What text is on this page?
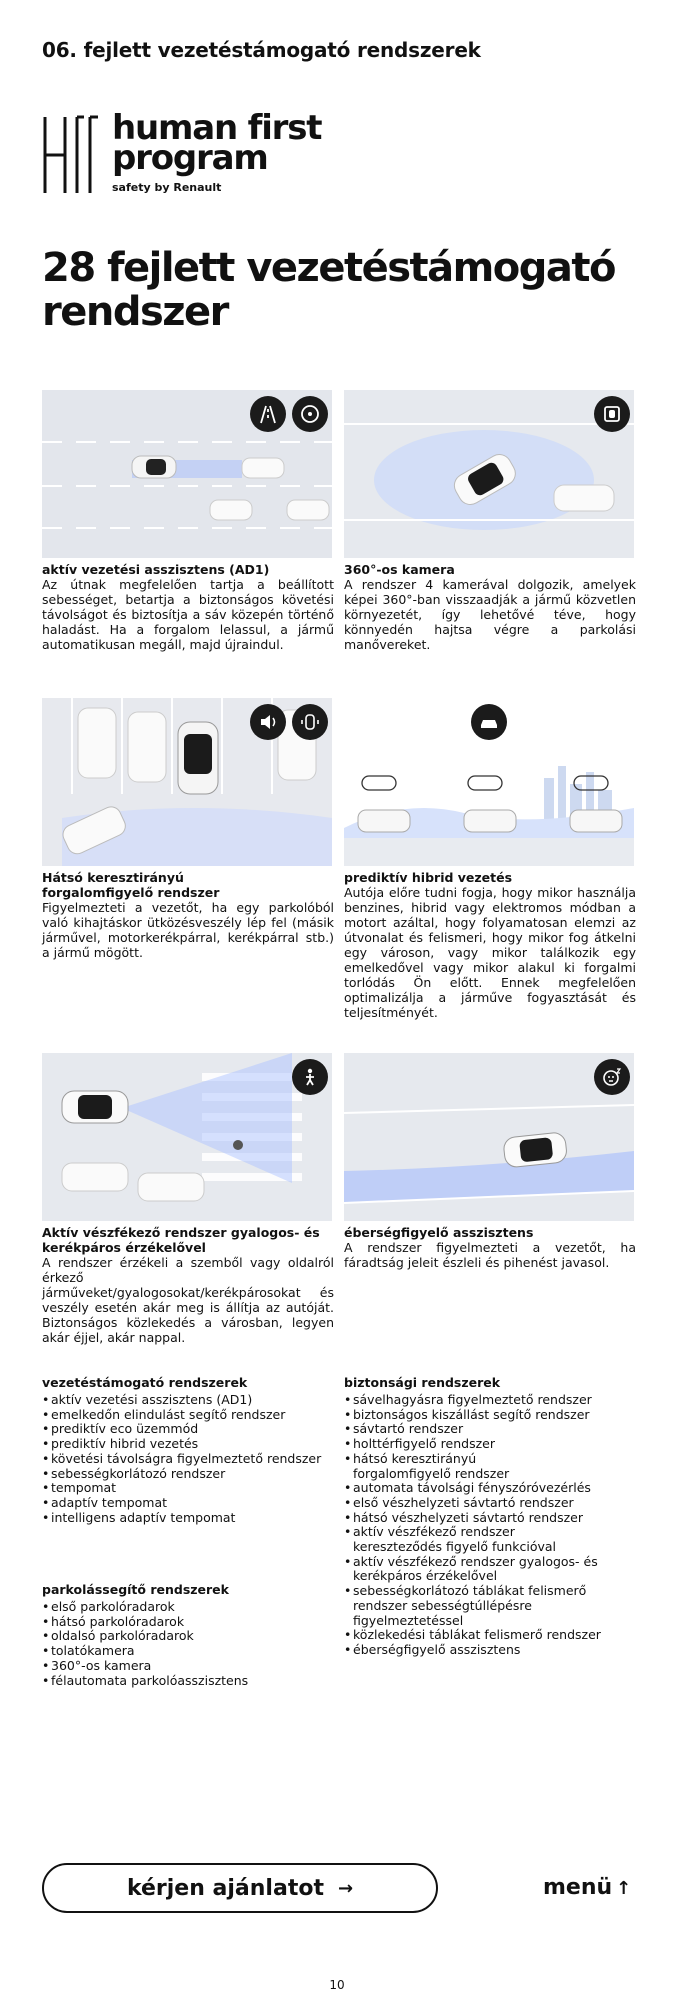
06. fejlett vezetéstámogató rendszerek
human first
program
safety by Renault
28 fejlett vezetéstámogató rendszer
aktív vezetési asszisztens (AD1)
Az útnak megfelelően tartja a beállított sebességet, betartja a biztonságos követési távolságot és biztosítja a sáv közepén történő haladást. Ha a forgalom lelassul, a jármű automatikusan megáll, majd újraindul.
360°-os kamera
A rendszer 4 kamerával dolgozik, amelyek képei 360°-ban visszaadják a jármű közvetlen környezetét, így lehetővé téve, hogy könnyedén hajtsa végre a parkolási manővereket.
Hátsó keresztirányú forgalomfigyelő rendszer
Figyelmezteti a vezetőt, ha egy parkolóból való kihajtáskor ütközésveszély lép fel (másik járművel, motorkerékpárral, kerékpárral stb.) a jármű mögött.
prediktív hibrid vezetés
Autója előre tudni fogja, hogy mikor használja benzines, hibrid vagy elektromos módban a motort azáltal, hogy folyamatosan elemzi az útvonalat és felismeri, hogy mikor fog átkelni egy városon, vagy mikor találkozik egy emelkedővel vagy mikor alakul ki forgalmi torlódás Ön előtt. Ennek megfelelően optimalizálja a járműve fogyasztását és teljesítményét.
Aktív vészfékező rendszer gyalogos- és kerékpáros érzékelővel
A rendszer érzékeli a szemből vagy oldalról érkező járműveket/gyalogosokat/kerékpárosokat és veszély esetén akár meg is állítja az autóját. Biztonságos közlekedés a városban, legyen akár éjjel, akár nappal.
éberségfigyelő asszisztens
A rendszer figyelmezteti a vezetőt, ha fáradtság jeleit észleli és pihenést javasol.
vezetéstámogató rendszerek
• aktív vezetési asszisztens (AD1)
• emelkedőn elindulást segítő rendszer
• prediktív eco üzemmód
• prediktív hibrid vezetés
• követési távolságra figyelmeztető rendszer
• sebességkorlátozó rendszer
• tempomat
• adaptív tempomat
• intelligens adaptív tempomat
parkolássegítő rendszerek
• első parkolóradarok
• hátsó parkolóradarok
• oldalsó parkolóradarok
• tolatókamera
• 360°-os kamera
• félautomata parkolóasszisztens
biztonsági rendszerek
• sávelhagyásra figyelmeztető rendszer
• biztonságos kiszállást segítő rendszer
• sávtartó rendszer
• holttérfigyelő rendszer
• hátsó keresztirányú forgalomfigyelő rendszer
• automata távolsági fényszóróvezérlés
• első vészhelyzeti sávtartó rendszer
• hátsó vészhelyzeti sávtartó rendszer
• aktív vészfékező rendszer kereszteződés figyelő funkcióval
• aktív vészfékező rendszer gyalogos- és kerékpáros érzékelővel
• sebességkorlátozó táblákat felismerő rendszer sebességtúllépésre figyelmeztetéssel
• közlekedési táblákat felismerő rendszer
• éberségfigyelő asszisztens
kérjen ajánlatot →	menü ↑
10
